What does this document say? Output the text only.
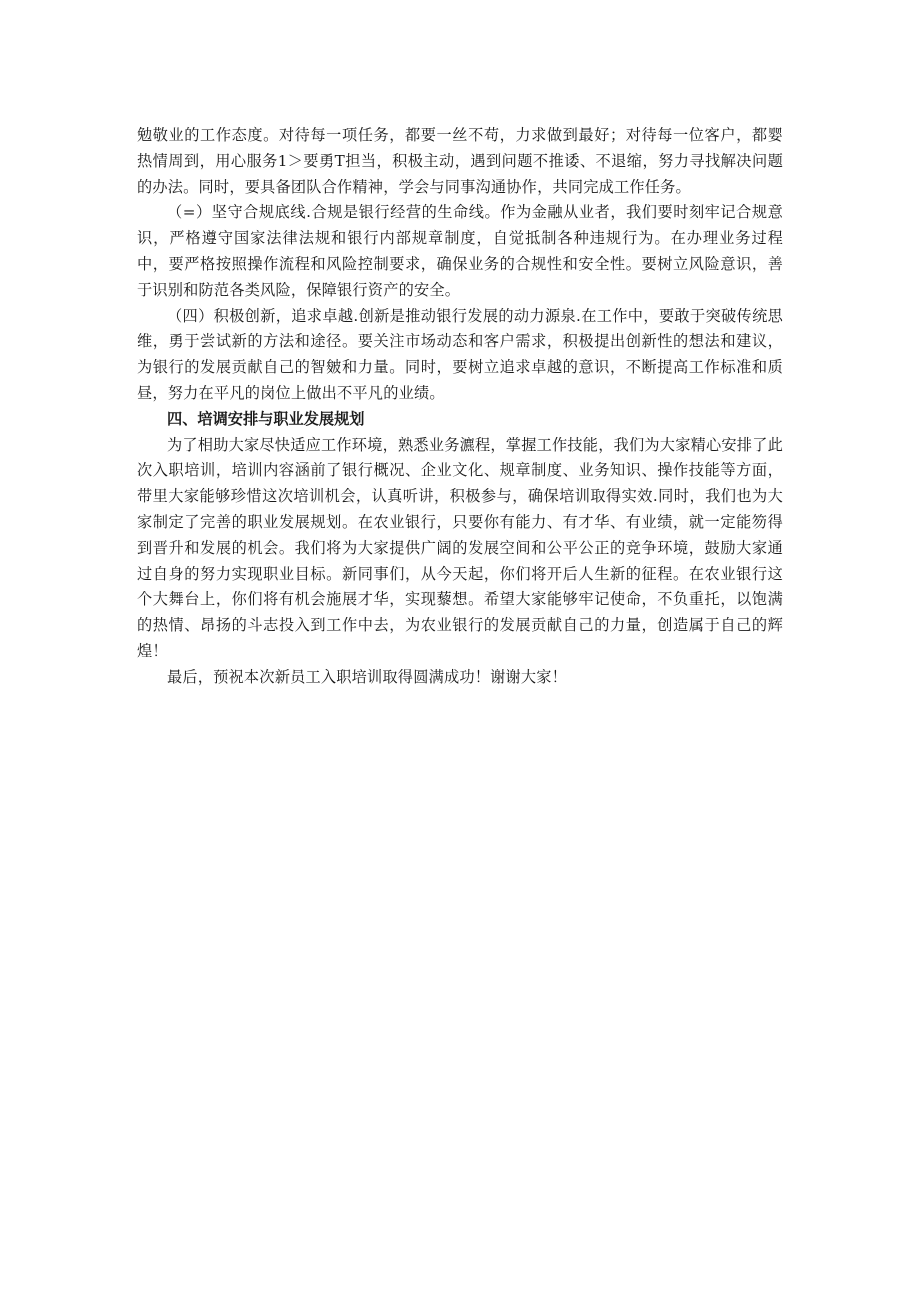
勉敬业的工作态度。对待每一项任务，都要一丝不苟，力求做到最好；对待每一位客户，都婴热情周到，用心服务1＞要勇T担当，积极主动，遇到问题不推诿、不退缩，努力寻找解决问题的办法。同时，要具备团队合作精神，学会与同事沟通协作，共同完成工作任务。

（=）坚守合规底线.合规是银行经营的生命线。作为金融从业者，我们要时刻牢记合规意识，严格遵守国家法律法规和银行内部规章制度，自觉抵制各种违规行为。在办理业务过程中，要严格按照操作流程和风险控制要求，确保业务的合规性和安全性。要树立风险意识，善于识别和防范各类风险，保障银行资产的安全。

（四）积极创新，追求卓越.创新是推动银行发展的动力源泉.在工作中，要敢于突破传统思维，勇于尝试新的方法和途径。要关注市场动态和客户需求，积极提出创新性的想法和建议，为银行的发展贡献自己的智皴和力量。同时，要树立追求卓越的意识，不断提高工作标准和质昼，努力在平凡的岗位上做出不平凡的业绩。

四、培调安排与职业发展规划

为了相助大家尽快适应工作环境，熟悉业务瀌程，掌握工作技能，我们为大家精心安排了此次入职培训，培训内容涵前了银行概况、企业文化、规章制度、业务知识、操作技能等方面，带里大家能够珍惜这次培训机会，认真听讲，积极参与，确保培训取得实效.同时，我们也为大家制定了完善的职业发展规划。在农业银行，只要你有能力、有才华、有业绩，就一定能笏得到晋升和发展的机会。我们将为大家提供广阔的发展空间和公平公正的竞争环境，鼓励大家通过自身的努力实现职业目标。新同事们，从今天起，你们将开后人生新的征程。在农业银行这个大舞台上，你们将有机会施展才华，实现藜想。希望大家能够牢记使命，不负重托，以饱满的热情、昂扬的斗志投入到工作中去，为农业银行的发展贡献自己的力量，创造属于自己的辉煌！

最后，预祝本次新员工入职培训取得圆满成功！谢谢大家！
